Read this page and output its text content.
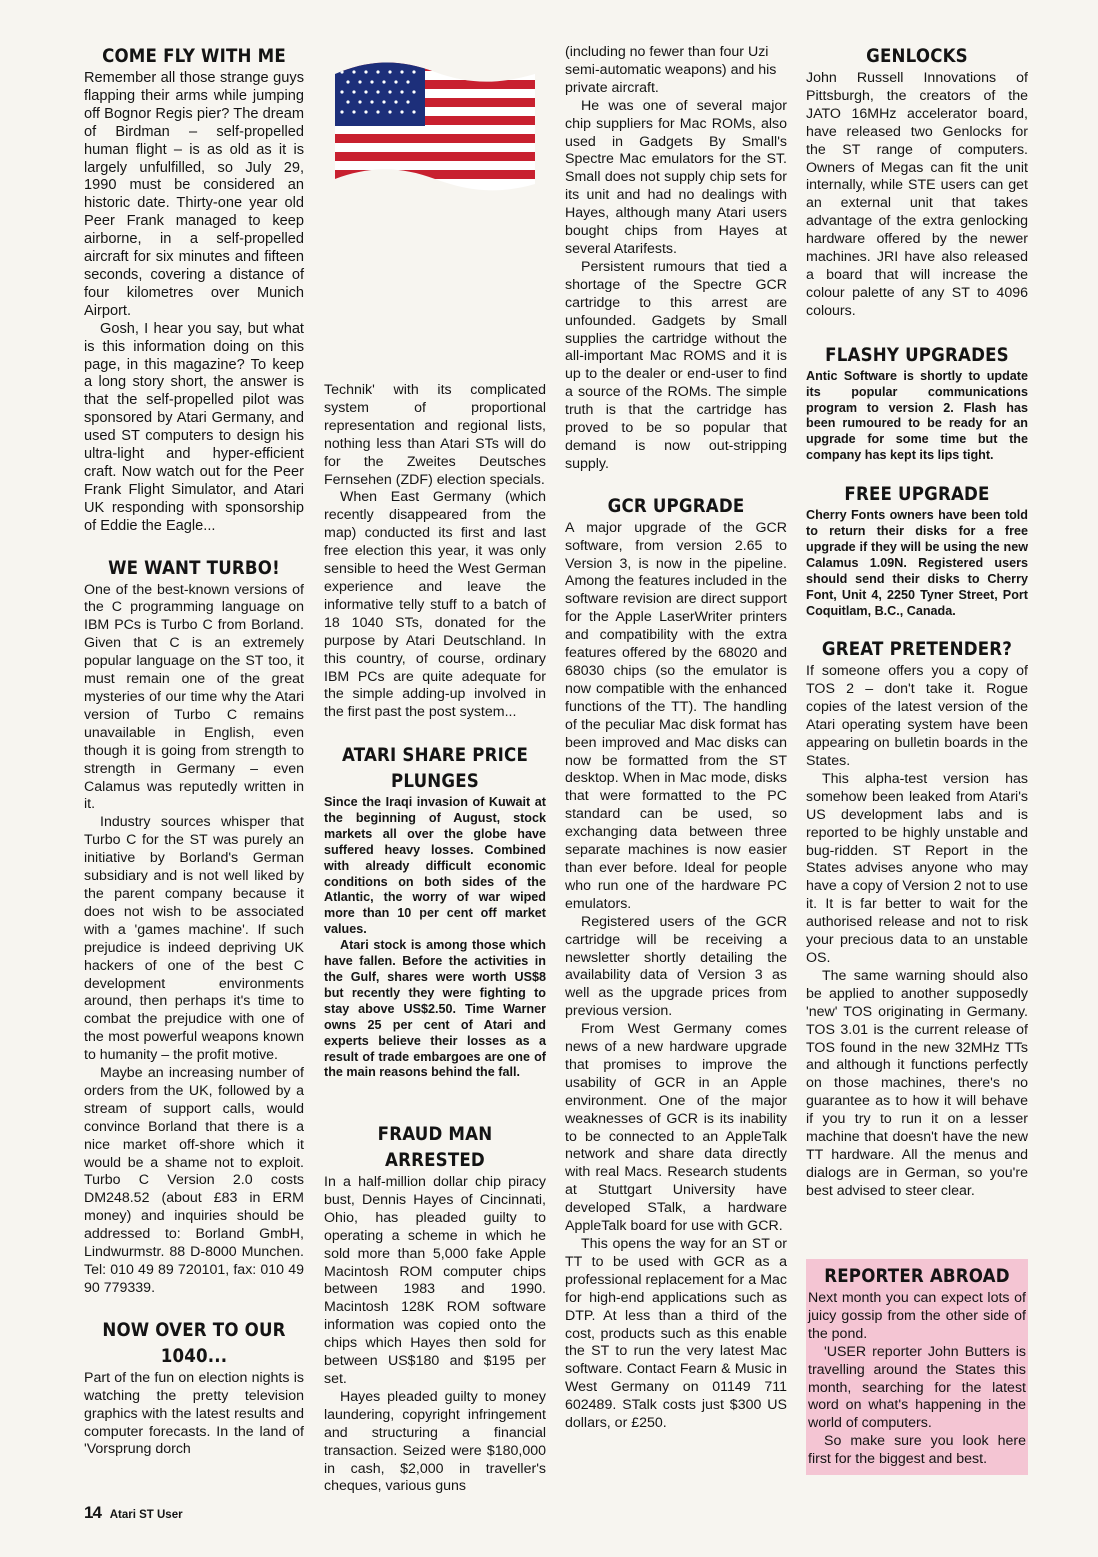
COME FLY WITH ME

Remember all those strange guys flapping their arms while jumping off Bognor Regis pier? The dream of Birdman – self-propelled human flight – is as old as it is largely unfulfilled, so July 29, 1990 must be considered an historic date. Thirty-one year old Peer Frank managed to keep airborne, in a self-propelled aircraft for six minutes and fifteen seconds, covering a distance of four kilometres over Munich Airport.

Gosh, I hear you say, but what is this information doing on this page, in this magazine? To keep a long story short, the answer is that the self-propelled pilot was sponsored by Atari Germany, and used ST computers to design his ultra-light and hyper-efficient craft. Now watch out for the Peer Frank Flight Simulator, and Atari UK responding with sponsorship of Eddie the Eagle...

WE WANT TURBO!

One of the best-known versions of the C programming language on IBM PCs is Turbo C from Borland. Given that C is an extremely popular language on the ST too, it must remain one of the great mysteries of our time why the Atari version of Turbo C remains unavailable in English, even though it is going from strength to strength in Germany – even Calamus was reputedly written in it.

Industry sources whisper that Turbo C for the ST was purely an initiative by Borland's German subsidiary and is not well liked by the parent company because it does not wish to be associated with a 'games machine'. If such prejudice is indeed depriving UK hackers of one of the best C development environments around, then perhaps it's time to combat the prejudice with one of the most powerful weapons known to humanity – the profit motive.

Maybe an increasing number of orders from the UK, followed by a stream of support calls, would convince Borland that there is a nice market off-shore which it would be a shame not to exploit. Turbo C Version 2.0 costs DM248.52 (about £83 in ERM money) and inquiries should be addressed to: Borland GmbH, Lindwurmstr. 88 D-8000 Munchen. Tel: 010 49 89 720101, fax: 010 49 90 779339.

NOW OVER TO OUR 1040...

Part of the fun on election nights is watching the pretty television graphics with the latest results and computer forecasts. In the land of 'Vorsprung dorch

Technik' with its complicated system of proportional representation and regional lists, nothing less than Atari STs will do for the Zweites Deutsches Fernsehen (ZDF) election specials.

When East Germany (which recently disappeared from the map) conducted its first and last free election this year, it was only sensible to heed the West German experience and leave the informative telly stuff to a batch of 18 1040 STs, donated for the purpose by Atari Deutschland. In this country, of course, ordinary IBM PCs are quite adequate for the simple adding-up involved in the first past the post system...

ATARI SHARE PRICE PLUNGES

Since the Iraqi invasion of Kuwait at the beginning of August, stock markets all over the globe have suffered heavy losses. Combined with already difficult economic conditions on both sides of the Atlantic, the worry of war wiped more than 10 per cent off market values.

Atari stock is among those which have fallen. Before the activities in the Gulf, shares were worth US$8 but recently they were fighting to stay above US$2.50. Time Warner owns 25 per cent of Atari and experts believe their losses as a result of trade embargoes are one of the main reasons behind the fall.

FRAUD MAN ARRESTED

In a half-million dollar chip piracy bust, Dennis Hayes of Cincinnati, Ohio, has pleaded guilty to operating a scheme in which he sold more than 5,000 fake Apple Macintosh ROM computer chips between 1983 and 1990. Macintosh 128K ROM software information was copied onto the chips which Hayes then sold for between US$180 and $195 per set.

Hayes pleaded guilty to money laundering, copyright infringement and structuring a financial transaction. Seized were $180,000 in cash, $2,000 in traveller's cheques, various guns

(including no fewer than four Uzi semi-automatic weapons) and his private aircraft.

He was one of several major chip suppliers for Mac ROMs, also used in Gadgets By Small's Spectre Mac emulators for the ST. Small does not supply chip sets for its unit and had no dealings with Hayes, although many Atari users bought chips from Hayes at several Atarifests.

Persistent rumours that tied a shortage of the Spectre GCR cartridge to this arrest are unfounded. Gadgets by Small supplies the cartridge without the all-important Mac ROMS and it is up to the dealer or end-user to find a source of the ROMs. The simple truth is that the cartridge has proved to be so popular that demand is now out-stripping supply.

GCR UPGRADE

A major upgrade of the GCR software, from version 2.65 to Version 3, is now in the pipeline. Among the features included in the software revision are direct support for the Apple LaserWriter printers and compatibility with the extra features offered by the 68020 and 68030 chips (so the emulator is now compatible with the enhanced functions of the TT). The handling of the peculiar Mac disk format has been improved and Mac disks can now be formatted from the ST desktop. When in Mac mode, disks that were formatted to the PC standard can be used, so exchanging data between three separate machines is now easier than ever before. Ideal for people who run one of the hardware PC emulators.

Registered users of the GCR cartridge will be receiving a newsletter shortly detailing the availability data of Version 3 as well as the upgrade prices from previous version.

From West Germany comes news of a new hardware upgrade that promises to improve the usability of GCR in an Apple environment. One of the major weaknesses of GCR is its inability to be connected to an AppleTalk network and share data directly with real Macs. Research students at Stuttgart University have developed STalk, a hardware AppleTalk board for use with GCR.

This opens the way for an ST or TT to be used with GCR as a professional replacement for a Mac for high-end applications such as DTP. At less than a third of the cost, products such as this enable the ST to run the very latest Mac software. Contact Fearn & Music in West Germany on 01149 711 602489. STalk costs just $300 US dollars, or £250.

GENLOCKS

John Russell Innovations of Pittsburgh, the creators of the JATO 16MHz accelerator board, have released two Genlocks for the ST range of computers. Owners of Megas can fit the unit internally, while STE users can get an external unit that takes advantage of the extra genlocking hardware offered by the newer machines. JRI have also released a board that will increase the colour palette of any ST to 4096 colours.

FLASHY UPGRADES

Antic Software is shortly to update its popular communications program to version 2. Flash has been rumoured to be ready for an upgrade for some time but the company has kept its lips tight.

FREE UPGRADE

Cherry Fonts owners have been told to return their disks for a free upgrade if they will be using the new Calamus 1.09N. Registered users should send their disks to Cherry Font, Unit 4, 2250 Tyner Street, Port Coquitlam, B.C., Canada.

GREAT PRETENDER?

If someone offers you a copy of TOS 2 – don't take it. Rogue copies of the latest version of the Atari operating system have been appearing on bulletin boards in the States.

This alpha-test version has somehow been leaked from Atari's US development labs and is reported to be highly unstable and bug-ridden. ST Report in the States advises anyone who may have a copy of Version 2 not to use it. It is far better to wait for the authorised release and not to risk your precious data to an unstable OS.

The same warning should also be applied to another supposedly 'new' TOS originating in Germany. TOS 3.01 is the current release of TOS found in the new 32MHz TTs and although it functions perfectly on those machines, there's no guarantee as to how it will behave if you try to run it on a lesser machine that doesn't have the new TT hardware. All the menus and dialogs are in German, so you're best advised to steer clear.

REPORTER ABROAD

Next month you can expect lots of juicy gossip from the other side of the pond.

'USER reporter John Butters is travelling around the States this month, searching for the latest word on what's happening in the world of computers.

So make sure you look here first for the biggest and best.

14 Atari ST User
